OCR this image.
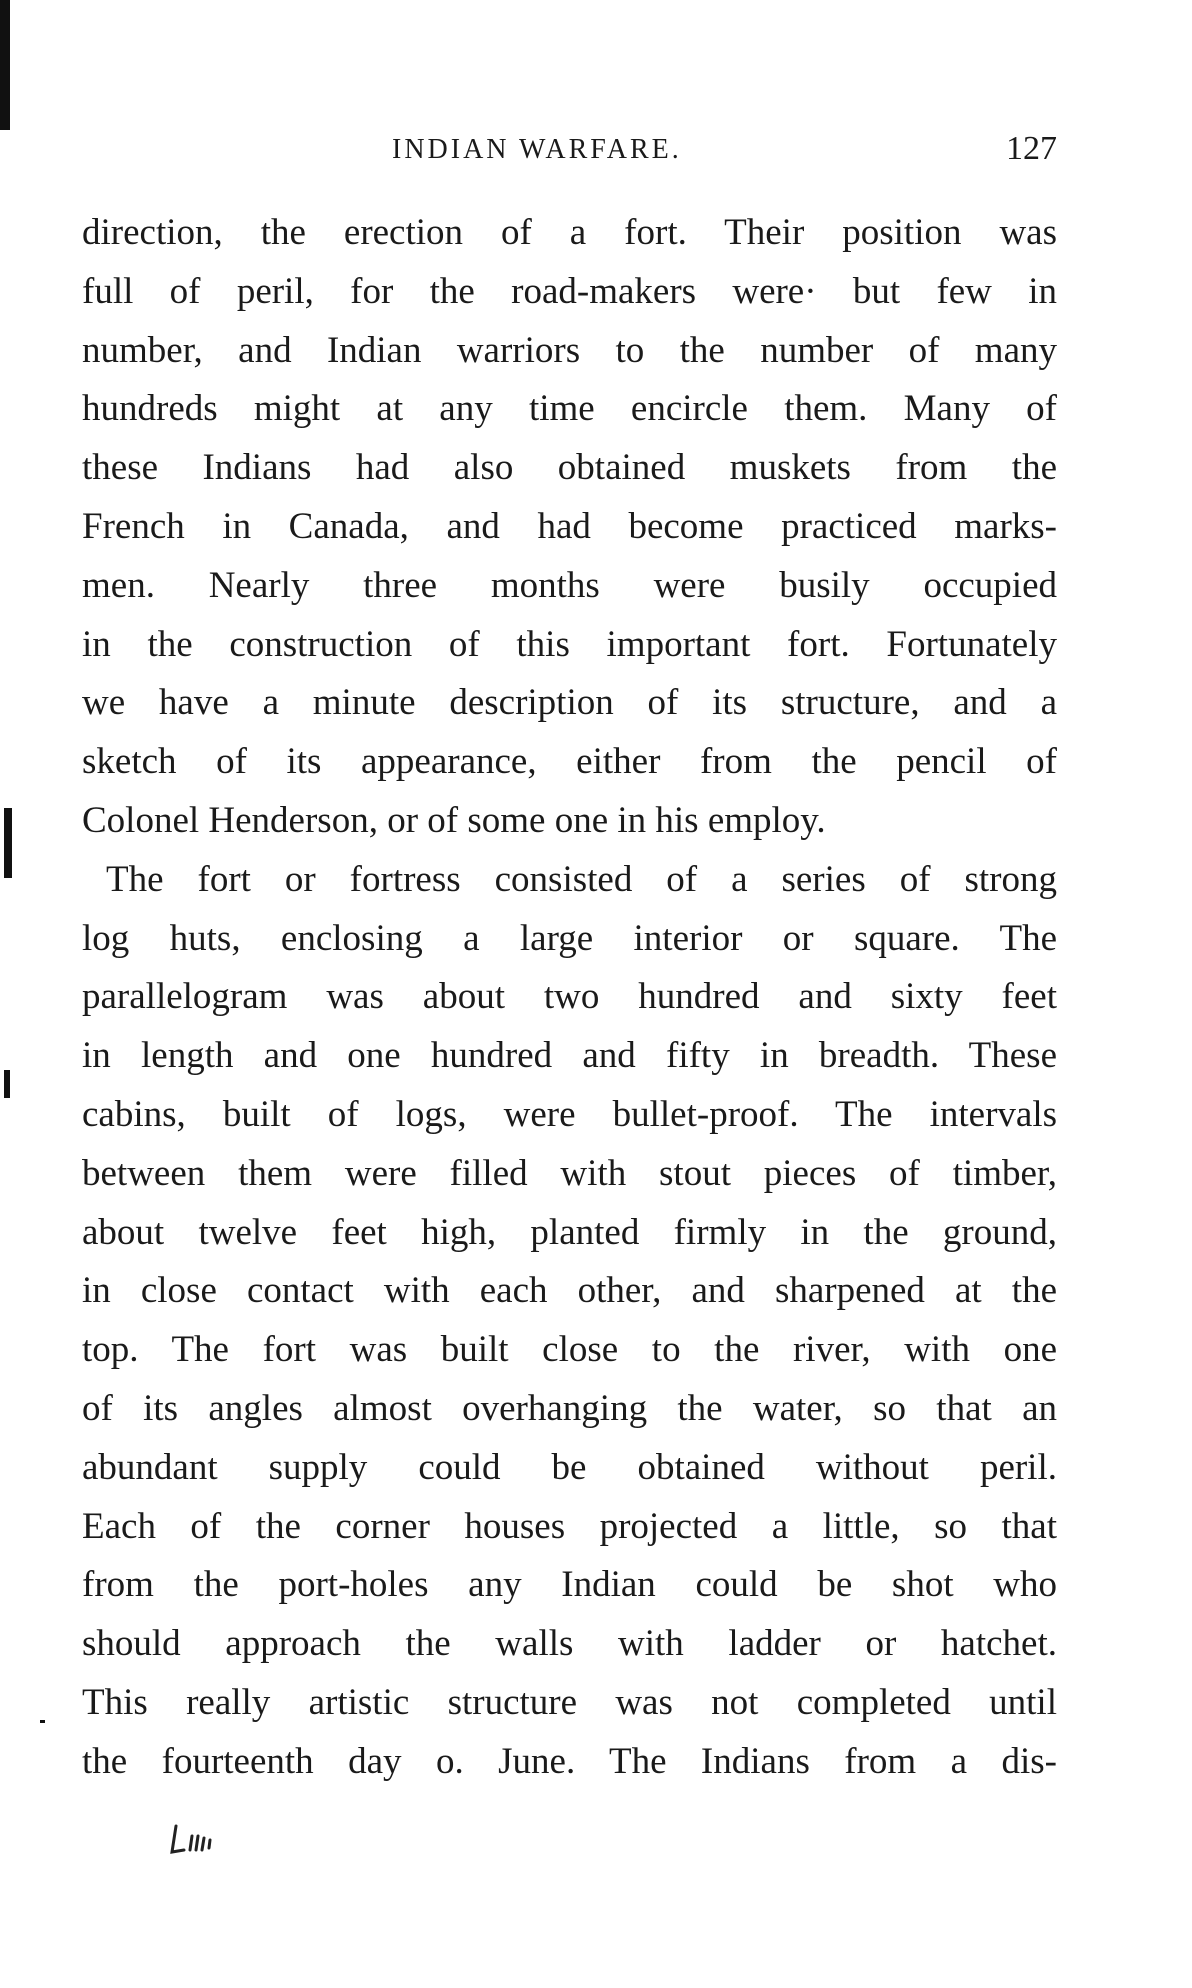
INDIAN WARFARE.	127
direction, the erection of a fort. Their position was
full of peril, for the road-makers were· but few in
number, and Indian warriors to the number of many
hundreds might at any time encircle them. Many of
these Indians had also obtained muskets from the
French in Canada, and had become practiced marks-
men. Nearly three months were busily occupied
in the construction of this important fort. Fortunately
we have a minute description of its structure, and a
sketch of its appearance, either from the pencil of
Colonel Henderson, or of some one in his employ.
The fort or fortress consisted of a series of strong
log huts, enclosing a large interior or square. The
parallelogram was about two hundred and sixty feet
in length and one hundred and fifty in breadth. These
cabins, built of logs, were bullet-proof. The intervals
between them were filled with stout pieces of timber,
about twelve feet high, planted firmly in the ground,
in close contact with each other, and sharpened at the
top. The fort was built close to the river, with one
of its angles almost overhanging the water, so that an
abundant supply could be obtained without peril.
Each of the corner houses projected a little, so that
from the port-holes any Indian could be shot who
should approach the walls with ladder or hatchet.
This really artistic structure was not completed until
the fourteenth day o. June. The Indians from a dis-
